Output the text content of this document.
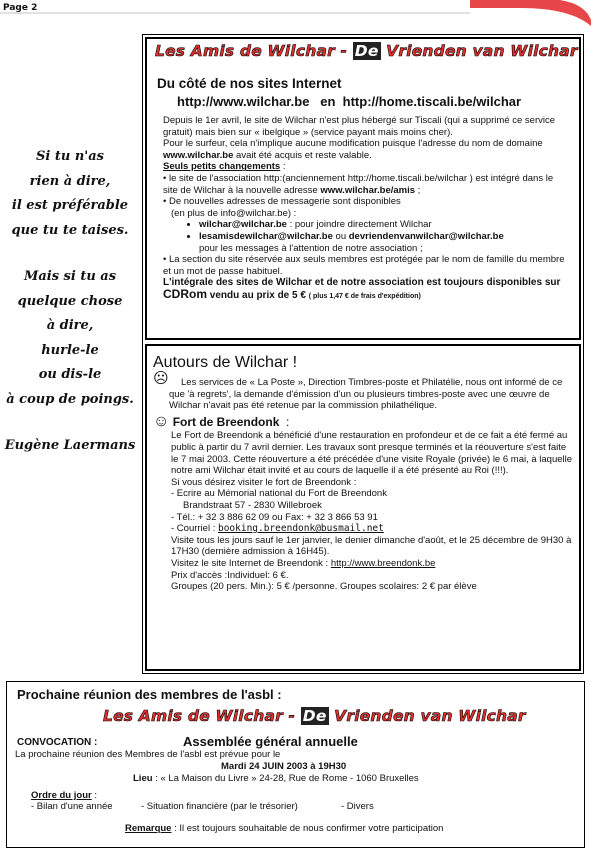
Page 2

Si tu n'as

rien à dire,

il est préférable

que tu te taises.

Mais si tu as

quelque chose

à dire,

hurle-le

ou dis-le

à coup de poings.

Eugène Laermans

Les Amis de Wilchar - De Vrienden van Wilchar
Du côté de nos sites Internet
http://www.wilchar.be   en  http://home.tiscali.be/wilchar

Depuis le 1er avril, le site de Wilchar n'est plus hébergé sur Tiscali (qui a supprimé ce service gratuit) mais bien sur « ibelgique » (service payant mais moins cher).

Pour le surfeur, cela n'implique aucune modification puisque l'adresse du nom de domaine www.wilchar.be avait été acquis et reste valable.

Seuls petits changements :

• le site de l'association http:(anciennement http://home.tiscali.be/wilchar ) est intégré dans le site de Wilchar à la nouvelle adresse www.wilchar.be/amis ;

• De nouvelles adresses de messagerie sont disponibles

(en plus de info@wilchar.be) :

• wilchar@wilchar.be : pour joindre directement Wilchar
• lesamisdewilchar@wilchar.be ou devriendenvanwilchar@wilchar.be
pour les messages à l'attention de notre association ;

• La section du site réservée aux seuls membres est protégée par le nom de famille du membre et un mot de passe habituel.

L'intégrale des sites de Wilchar et de notre association est toujours disponibles sur CDRom vendu au prix de 5 € ( plus 1,47 € de frais d'expédition)

Autours de Wilchar !

☹ Les services de « La Poste », Direction Timbres-poste et Philatélie, nous ont informé de ce que 'à regrets', la demande d'émission d'un ou plusieurs timbres-poste avec une œuvre de Wilchar n'avait pas été retenue par la commission philathélique.

☺ Fort de Breendonk  :

Le Fort de Breendonk a bénéficié d'une restauration en profondeur et de ce fait a été fermé au public à partir du 7 avril dernier. Les travaux sont presque terminés et la réouverture s'est faite le 7 mai 2003. Cette réouverture a été précédée d'une visite Royale (privée) le 6 mai, à laquelle notre ami Wilchar était invité et au cours de laquelle il a été présenté au Roi (!!!).

Si vous désirez visiter le fort de Breendonk :

- Ecrire au Mémorial national du Fort de Breendonk

Brandstraat 57 - 2830 Willebroek

- Tél.: + 32 3 886 62 09 ou Fax: + 32 3 866 53 91

- Courriel : booking.breendonk@busmail.net

Visite tous les jours sauf le 1er janvier, le denier dimanche d'août, et le 25 décembre de 9H30 à 17H30 (dernière admission à 16H45).

Visitez le site Internet de Breendonk : http://www.breendonk.be

Prix d'accès :Individuel: 6 €.

Groupes (20 pers. Min.): 5 € /personne. Groupes scolaires: 2 € par élève

Prochaine réunion des membres de l'asbl :
Les Amis de Wilchar - De Vrienden van Wilchar
CONVOCATION :	Assemblée général annuelle
La prochaine réunion des Membres de l'asbl est prévue pour le
Mardi 24 JUIN 2003 à 19H30
Lieu : « La Maison du Livre » 24-28, Rue de Rome - 1060 Bruxelles
Ordre du jour :
- Bilan d'une année	- Situation financière (par le trésorier)	- Divers
Remarque : Il est toujours souhaitable de nous confirmer votre participation
